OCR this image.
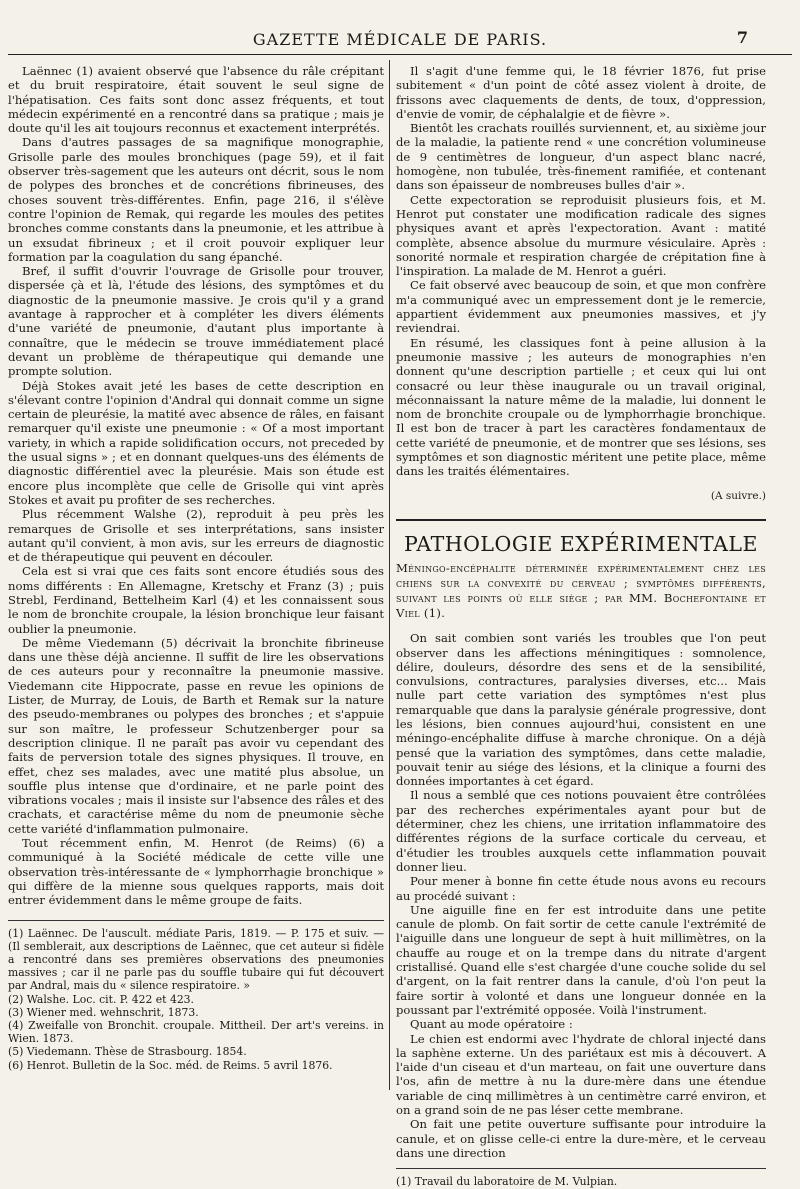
GAZETTE MÉDICALE DE PARIS.	7

Laënnec (1) avaient observé que l'absence du râle crépitant et du bruit respiratoire, était souvent le seul signe de l'hépatisation. Ces faits sont donc assez fréquents, et tout médecin expérimenté en a rencontré dans sa pratique ; mais je doute qu'il les ait toujours reconnus et exactement interprétés.

Dans d'autres passages de sa magnifique monographie, Grisolle parle des moules bronchiques (page 59), et il fait observer très-sagement que les auteurs ont décrit, sous le nom de polypes des bronches et de concrétions fibrineuses, des choses souvent très-différentes. Enfin, page 216, il s'élève contre l'opinion de Remak, qui regarde les moules des petites bronches comme constants dans la pneumonie, et les attribue à un exsudat fibrineux ; et il croit pouvoir expliquer leur formation par la coagulation du sang épanché.

Bref, il suffit d'ouvrir l'ouvrage de Grisolle pour trouver, dispersée çà et là, l'étude des lésions, des symptômes et du diagnostic de la pneumonie massive. Je crois qu'il y a grand avantage à rapprocher et à compléter les divers éléments d'une variété de pneumonie, d'autant plus importante à connaître, que le médecin se trouve immédiatement placé devant un problème de thérapeutique qui demande une prompte solution.

Déjà Stokes avait jeté les bases de cette description en s'élevant contre l'opinion d'Andral qui donnait comme un signe certain de pleurésie, la matité avec absence de râles, en faisant remarquer qu'il existe une pneumonie : « Of a most important variety, in which a rapide solidification occurs, not preceded by the usual signs » ; et en donnant quelques-uns des éléments de diagnostic différentiel avec la pleurésie. Mais son étude est encore plus incomplète que celle de Grisolle qui vint après Stokes et avait pu profiter de ses recherches.

Plus récemment Walshe (2), reproduit à peu près les remarques de Grisolle et ses interprétations, sans insister autant qu'il convient, à mon avis, sur les erreurs de diagnostic et de thérapeutique qui peuvent en découler.

Cela est si vrai que ces faits sont encore étudiés sous des noms différents : En Allemagne, Kretschy et Franz (3) ; puis Strebl, Ferdinand, Bettelheim Karl (4) et les connaissent sous le nom de bronchite croupale, la lésion bronchique leur faisant oublier la pneumonie.

De même Viedemann (5) décrivait la bronchite fibrineuse dans une thèse déjà ancienne. Il suffit de lire les observations de ces auteurs pour y reconnaître la pneumonie massive. Viedemann cite Hippocrate, passe en revue les opinions de Lister, de Murray, de Louis, de Barth et Remak sur la nature des pseudo-membranes ou polypes des bronches ; et s'appuie sur son maître, le professeur Schutzenberger pour sa description clinique. Il ne paraît pas avoir vu cependant des faits de perversion totale des signes physiques. Il trouve, en effet, chez ses malades, avec une matité plus absolue, un souffle plus intense que d'ordinaire, et ne parle point des vibrations vocales ; mais il insiste sur l'absence des râles et des crachats, et caractérise même du nom de pneumonie sèche cette variété d'inflammation pulmonaire.

Tout récemment enfin, M. Henrot (de Reims) (6) a communiqué à la Société médicale de cette ville une observation très-intéressante de « lymphorrhagie bronchique » qui diffère de la mienne sous quelques rapports, mais doit entrer évidemment dans le même groupe de faits.

(1) Laënnec. De l'auscult. médiate Paris, 1819. — P. 175 et suiv. — (Il semblerait, aux descriptions de Laënnec, que cet auteur si fidèle a rencontré dans ses premières observations des pneumonies massives ; car il ne parle pas du souffle tubaire qui fut découvert par Andral, mais du « silence respiratoire. »

(2) Walshe. Loc. cit. P. 422 et 423.

(3) Wiener med. wehnschrit, 1873.

(4) Zweifalle von Bronchit. croupale. Mittheil. Der art's vereins. in Wien. 1873.

(5) Viedemann. Thèse de Strasbourg. 1854.

(6) Henrot. Bulletin de la Soc. méd. de Reims. 5 avril 1876.

Il s'agit d'une femme qui, le 18 février 1876, fut prise subitement « d'un point de côté assez violent à droite, de frissons avec claquements de dents, de toux, d'oppression, d'envie de vomir, de céphalalgie et de fièvre ».

Bientôt les crachats rouillés surviennent, et, au sixième jour de la maladie, la patiente rend « une concrétion volumineuse de 9 centimètres de longueur, d'un aspect blanc nacré, homogène, non tubulée, très-finement ramifiée, et contenant dans son épaisseur de nombreuses bulles d'air ».

Cette expectoration se reproduisit plusieurs fois, et M. Henrot put constater une modification radicale des signes physiques avant et après l'expectoration. Avant : matité complète, absence absolue du murmure vésiculaire. Après : sonorité normale et respiration chargée de crépitation fine à l'inspiration. La malade de M. Henrot a guéri.

Ce fait observé avec beaucoup de soin, et que mon confrère m'a communiqué avec un empressement dont je le remercie, appartient évidemment aux pneumonies massives, et j'y reviendrai.

En résumé, les classiques font à peine allusion à la pneumonie massive ; les auteurs de monographies n'en donnent qu'une description partielle ; et ceux qui lui ont consacré ou leur thèse inaugurale ou un travail original, méconnaissant la nature même de la maladie, lui donnent le nom de bronchite croupale ou de lymphorrhagie bronchique. Il est bon de tracer à part les caractères fondamentaux de cette variété de pneumonie, et de montrer que ses lésions, ses symptômes et son diagnostic méritent une petite place, même dans les traités élémentaires.

(A suivre.)
PATHOLOGIE EXPÉRIMENTALE

Méningo-encéphalite déterminée expérimentalement chez les chiens sur la convexité du cerveau ; symptômes différents, suivant les points où elle siège ; par MM. Bochefontaine et Viel (1).

On sait combien sont variés les troubles que l'on peut observer dans les affections méningitiques : somnolence, délire, douleurs, désordre des sens et de la sensibilité, convulsions, contractures, paralysies diverses, etc... Mais nulle part cette variation des symptômes n'est plus remarquable que dans la paralysie générale progressive, dont les lésions, bien connues aujourd'hui, consistent en une méningo-encéphalite diffuse à marche chronique. On a déjà pensé que la variation des symptômes, dans cette maladie, pouvait tenir au siége des lésions, et la clinique a fourni des données importantes à cet égard.

Il nous a semblé que ces notions pouvaient être contrôlées par des recherches expérimentales ayant pour but de déterminer, chez les chiens, une irritation inflammatoire des différentes régions de la surface corticale du cerveau, et d'étudier les troubles auxquels cette inflammation pouvait donner lieu.

Pour mener à bonne fin cette étude nous avons eu recours au procédé suivant :

Une aiguille fine en fer est introduite dans une petite canule de plomb. On fait sortir de cette canule l'extrémité de l'aiguille dans une longueur de sept à huit millimètres, on la chauffe au rouge et on la trempe dans du nitrate d'argent cristallisé. Quand elle s'est chargée d'une couche solide du sel d'argent, on la fait rentrer dans la canule, d'où l'on peut la faire sortir à volonté et dans une longueur donnée en la poussant par l'extrémité opposée. Voilà l'instrument.

Quant au mode opératoire :

Le chien est endormi avec l'hydrate de chloral injecté dans la saphène externe. Un des pariétaux est mis à découvert. A l'aide d'un ciseau et d'un marteau, on fait une ouverture dans l'os, afin de mettre à nu la dure-mère dans une étendue variable de cinq millimètres à un centimètre carré environ, et on a grand soin de ne pas léser cette membrane.

On fait une petite ouverture suffisante pour introduire la canule, et on glisse celle-ci entre la dure-mère, et le cerveau dans une direction

(1) Travail du laboratoire de M. Vulpian.
